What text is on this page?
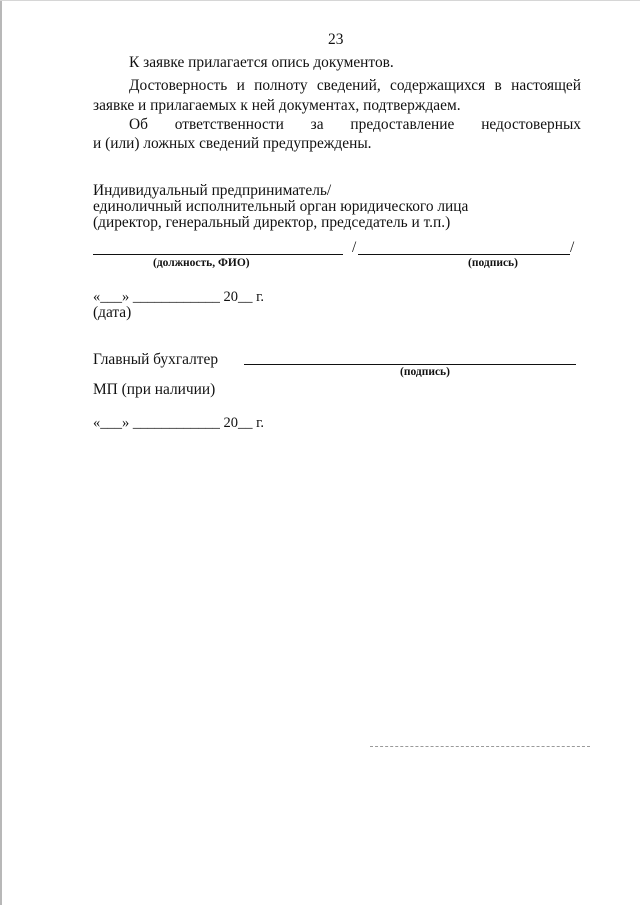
23
К заявке прилагается опись документов.
Достоверность и полноту сведений, содержащихся в настоящей
заявке и прилагаемых к ней документах, подтверждаем.
Об ответственности за предоставление недостоверных
и (или) ложных сведений предупреждены.
Индивидуальный предприниматель/
единоличный исполнительный орган юридического лица
(директор, генеральный директор, председатель и т.п.)
/	/
(должность, ФИО)	(подпись)
«___» ____________ 20__ г.
(дата)
Главный бухгалтер
(подпись)
МП (при наличии)
«___» ____________ 20__ г.
